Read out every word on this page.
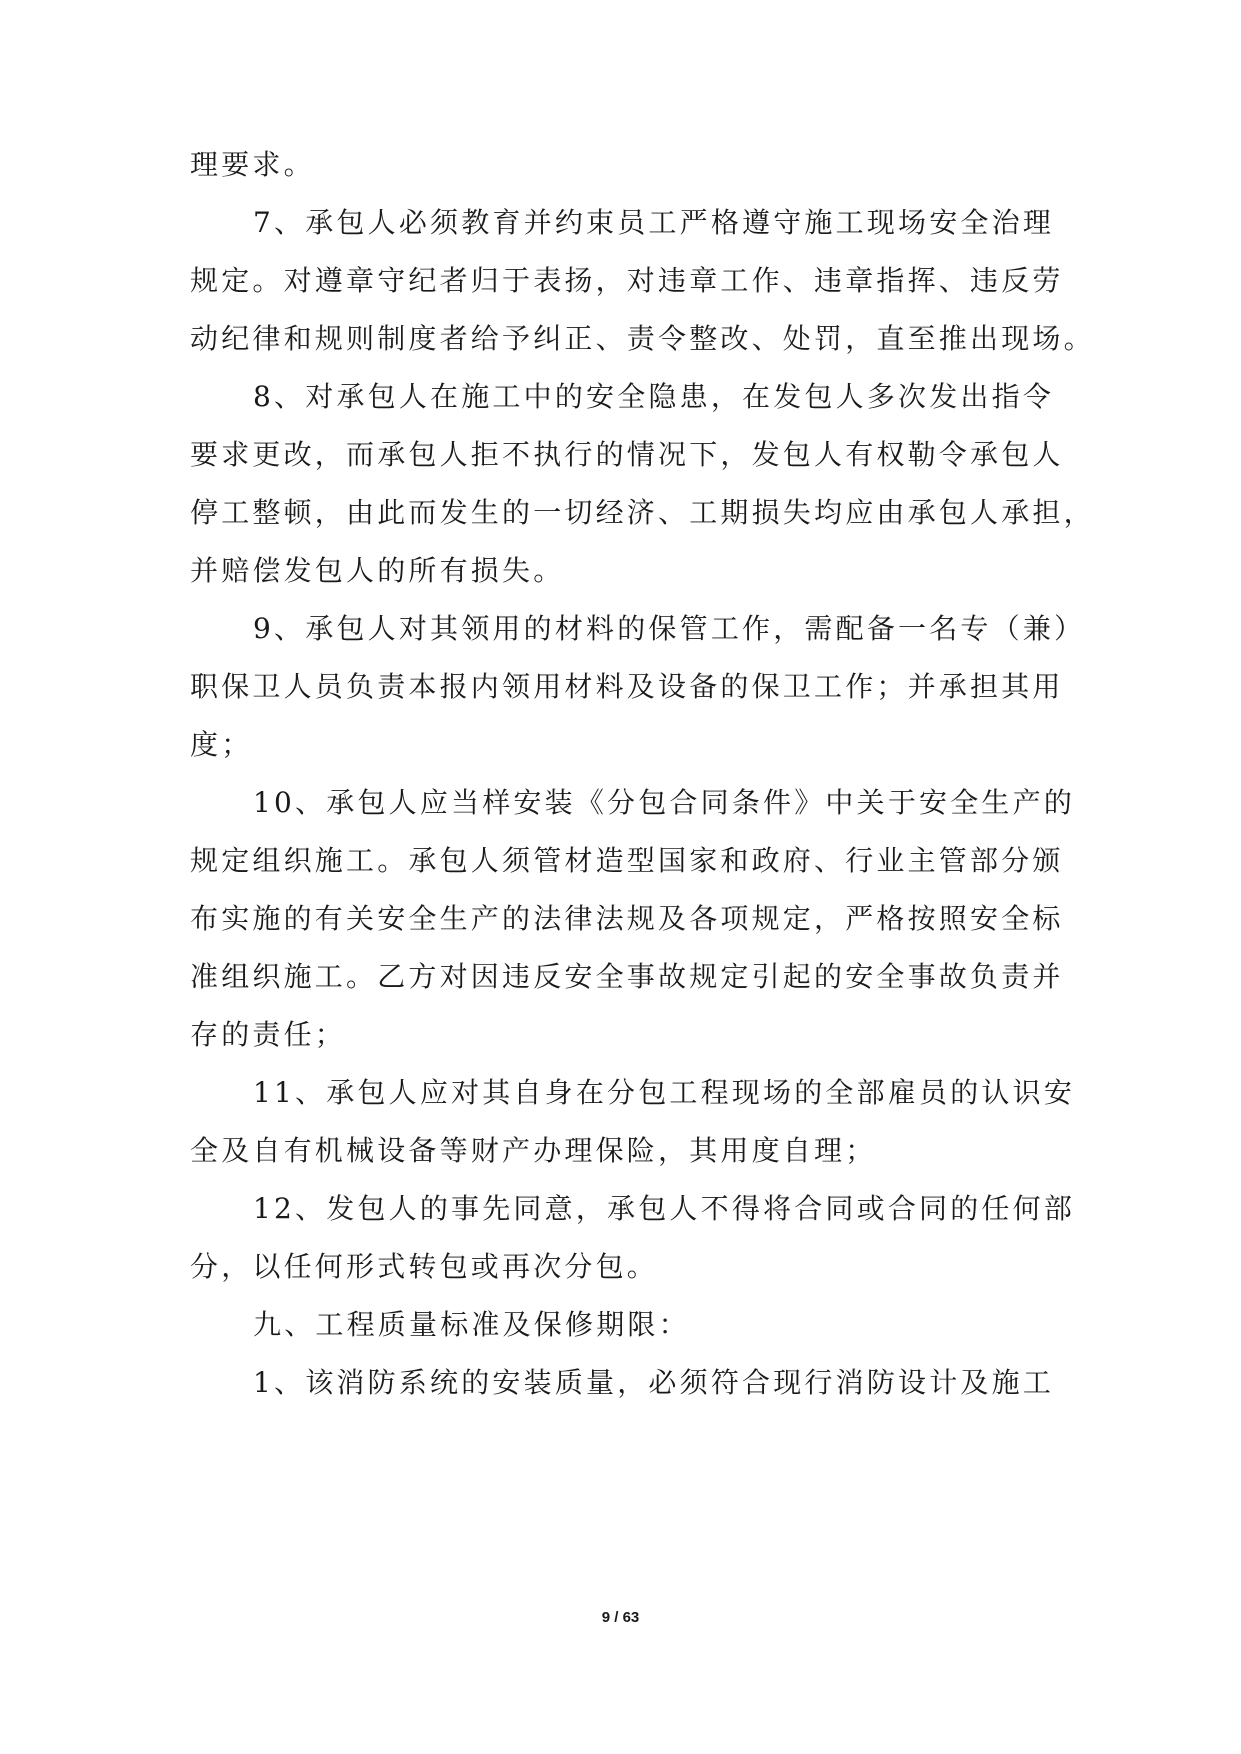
理要求。
7、承包人必须教育并约束员工严格遵守施工现场安全治理
规定。对遵章守纪者归于表扬，对违章工作、违章指挥、违反劳
动纪律和规则制度者给予纠正、责令整改、处罚，直至推出现场。
8、对承包人在施工中的安全隐患，在发包人多次发出指令
要求更改，而承包人拒不执行的情况下，发包人有权勒令承包人
停工整顿，由此而发生的一切经济、工期损失均应由承包人承担，
并赔偿发包人的所有损失。
9、承包人对其领用的材料的保管工作，需配备一名专（兼）
职保卫人员负责本报内领用材料及设备的保卫工作；并承担其用
度；
10、承包人应当样安装《分包合同条件》中关于安全生产的
规定组织施工。承包人须管材造型国家和政府、行业主管部分颁
布实施的有关安全生产的法律法规及各项规定，严格按照安全标
准组织施工。乙方对因违反安全事故规定引起的安全事故负责并
存的责任；
11、承包人应对其自身在分包工程现场的全部雇员的认识安
全及自有机械设备等财产办理保险，其用度自理；
12、发包人的事先同意，承包人不得将合同或合同的任何部
分，以任何形式转包或再次分包。
九、工程质量标准及保修期限：
1、该消防系统的安装质量，必须符合现行消防设计及施工
9 / 63
